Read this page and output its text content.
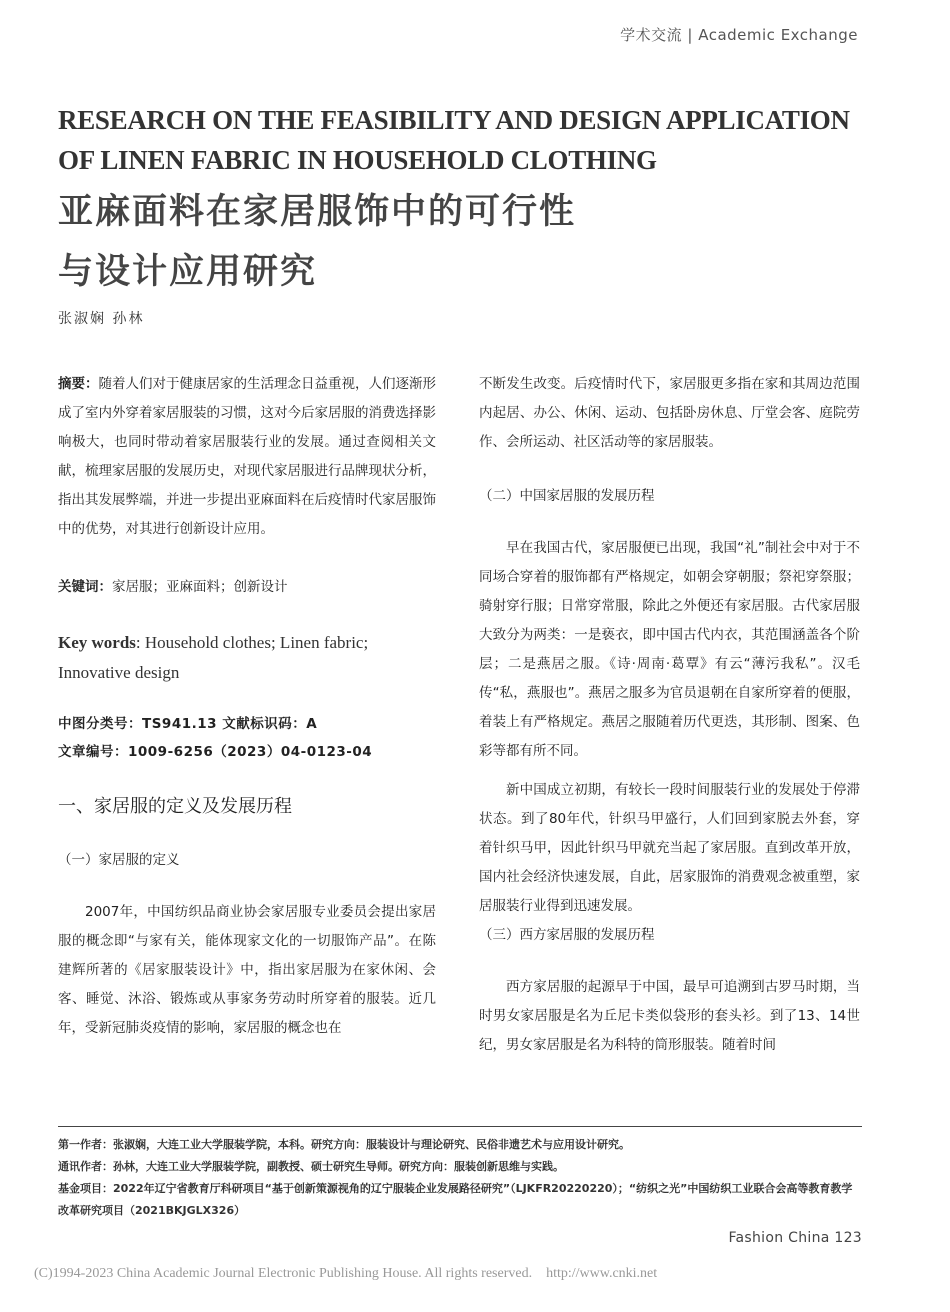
学术交流 | Academic Exchange
RESEARCH ON THE FEASIBILITY AND DESIGN APPLICATION
OF LINEN FABRIC IN HOUSEHOLD CLOTHING
亚麻面料在家居服饰中的可行性
与设计应用研究
张淑娴 孙林

摘要：随着人们对于健康居家的生活理念日益重视，人们逐渐形成了室内外穿着家居服装的习惯，这对今后家居服的消费选择影响极大，也同时带动着家居服装行业的发展。通过查阅相关文献，梳理家居服的发展历史，对现代家居服进行品牌现状分析，指出其发展弊端，并进一步提出亚麻面料在后疫情时代家居服饰中的优势，对其进行创新设计应用。

关键词：家居服；亚麻面料；创新设计

Key words: Household clothes; Linen fabric; Innovative design

中图分类号：TS941.13 文献标识码：A
文章编号：1009-6256（2023）04-0123-04
一、家居服的定义及发展历程
（一）家居服的定义

2007年，中国纺织品商业协会家居服专业委员会提出家居服的概念即“与家有关，能体现家文化的一切服饰产品”。在陈建辉所著的《居家服装设计》中，指出家居服为在家休闲、会客、睡觉、沐浴、锻炼或从事家务劳动时所穿着的服装。近几年，受新冠肺炎疫情的影响，家居服的概念也在

不断发生改变。后疫情时代下，家居服更多指在家和其周边范围内起居、办公、休闲、运动、包括卧房休息、厅堂会客、庭院劳作、会所运动、社区活动等的家居服装。

（二）中国家居服的发展历程

早在我国古代，家居服便已出现，我国“礼”制社会中对于不同场合穿着的服饰都有严格规定，如朝会穿朝服；祭祀穿祭服；骑射穿行服；日常穿常服，除此之外便还有家居服。古代家居服大致分为两类：一是亵衣，即中国古代内衣，其范围涵盖各个阶层；二是燕居之服。《诗·周南·葛覃》有云“薄污我私”。汉毛传“私，燕服也”。燕居之服多为官员退朝在自家所穿着的便服，着装上有严格规定。燕居之服随着历代更迭，其形制、图案、色彩等都有所不同。

新中国成立初期，有较长一段时间服装行业的发展处于停滞状态。到了80年代，针织马甲盛行，人们回到家脱去外套，穿着针织马甲，因此针织马甲就充当起了家居服。直到改革开放，国内社会经济快速发展，自此，居家服饰的消费观念被重塑，家居服装行业得到迅速发展。

（三）西方家居服的发展历程

西方家居服的起源早于中国，最早可追溯到古罗马时期，当时男女家居服是名为丘尼卡类似袋形的套头衫。到了13、14世纪，男女家居服是名为科特的筒形服装。随着时间

第一作者：张淑娴，大连工业大学服装学院，本科。研究方向：服装设计与理论研究、民俗非遗艺术与应用设计研究。

通讯作者：孙林，大连工业大学服装学院，副教授、硕士研究生导师。研究方向：服装创新思维与实践。

基金项目：2022年辽宁省教育厅科研项目“基于创新策源视角的辽宁服装企业发展路径研究”（LJKFR20220220）；“纺织之光”中国纺织工业联合会高等教育教学改革研究项目（2021BKJGLX326）

Fashion China 123
(C)1994-2023 China Academic Journal Electronic Publishing House. All rights reserved.    http://www.cnki.net
